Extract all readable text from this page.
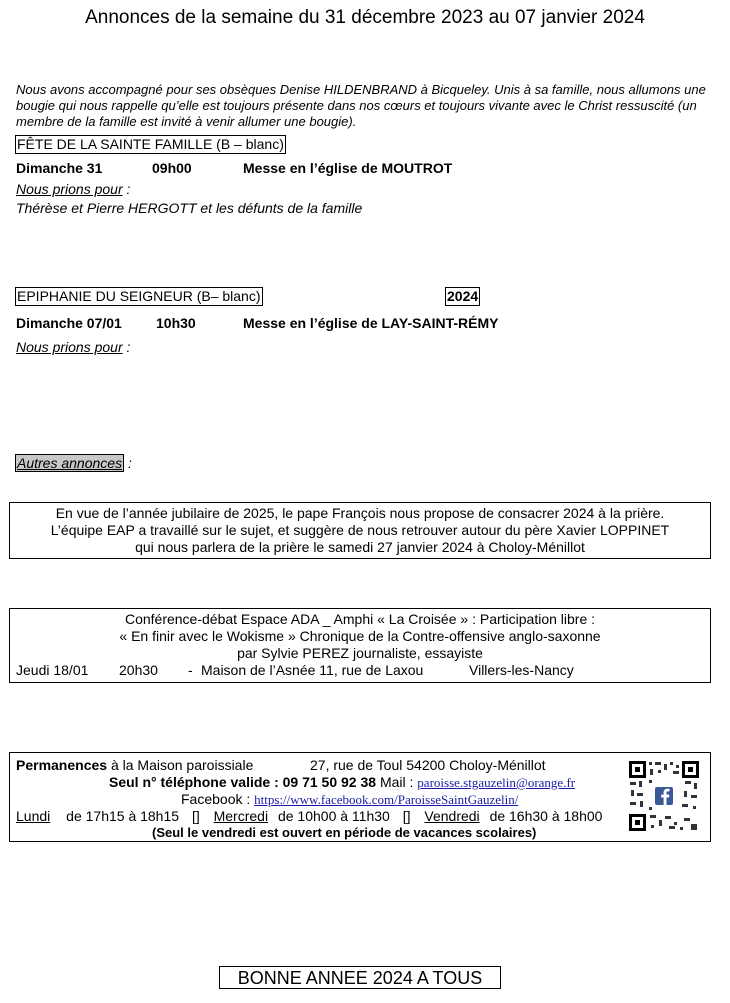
Annonces de la semaine du 31 décembre 2023 au 07 janvier 2024
Nous avons accompagné pour ses obsèques Denise HILDENBRAND à Bicqueley. Unis à sa famille, nous allumons une bougie qui nous rappelle qu’elle est toujours présente dans nos cœurs et toujours vivante avec le Christ ressuscité (un membre de la famille est invité à venir allumer une bougie).
FÊTE DE LA SAINTE FAMILLE (B – blanc)
Dimanche 31	09h00	Messe en l’église de MOUTROT
Nous prions pour :
Thérèse et Pierre HERGOTT et les défunts de la famille
EPIPHANIE DU SEIGNEUR (B– blanc)	2024
Dimanche 07/01 10h30	Messe en l’église de LAY-SAINT-RÉMY
Nous prions pour :
Autres annonces :
En vue de l’année jubilaire de 2025, le pape François nous propose de consacrer 2024 à la prière.
L’équipe EAP a travaillé sur le sujet, et suggère de nous retrouver autour du père Xavier LOPPINET
qui nous parlera de la prière le samedi 27 janvier 2024 à Choloy-Ménillot
Conférence-débat Espace ADA _ Amphi « La Croisée » : Participation libre :
« En finir avec le Wokisme » Chronique de la Contre-offensive anglo-saxonne
par Sylvie PEREZ journaliste, essayiste
Jeudi 18/01 20h30 - Maison de l’Asnée 11, rue de Laxou	Villers-les-Nancy
Permanences à la Maison paroissiale	27, rue de Toul 54200 Choloy-Ménillot
Seul n° téléphone valide : 09 71 50 92 38 Mail : paroisse.stgauzelin@orange.fr
Facebook : https://www.facebook.com/ParoisseSaintGauzelin/
Lundi de 17h15 à 18h15 [] Mercredi de 10h00 à 11h30 [] Vendredi de 16h30 à 18h00
(Seul le vendredi est ouvert en période de vacances scolaires)
BONNE ANNEE 2024 A TOUS
